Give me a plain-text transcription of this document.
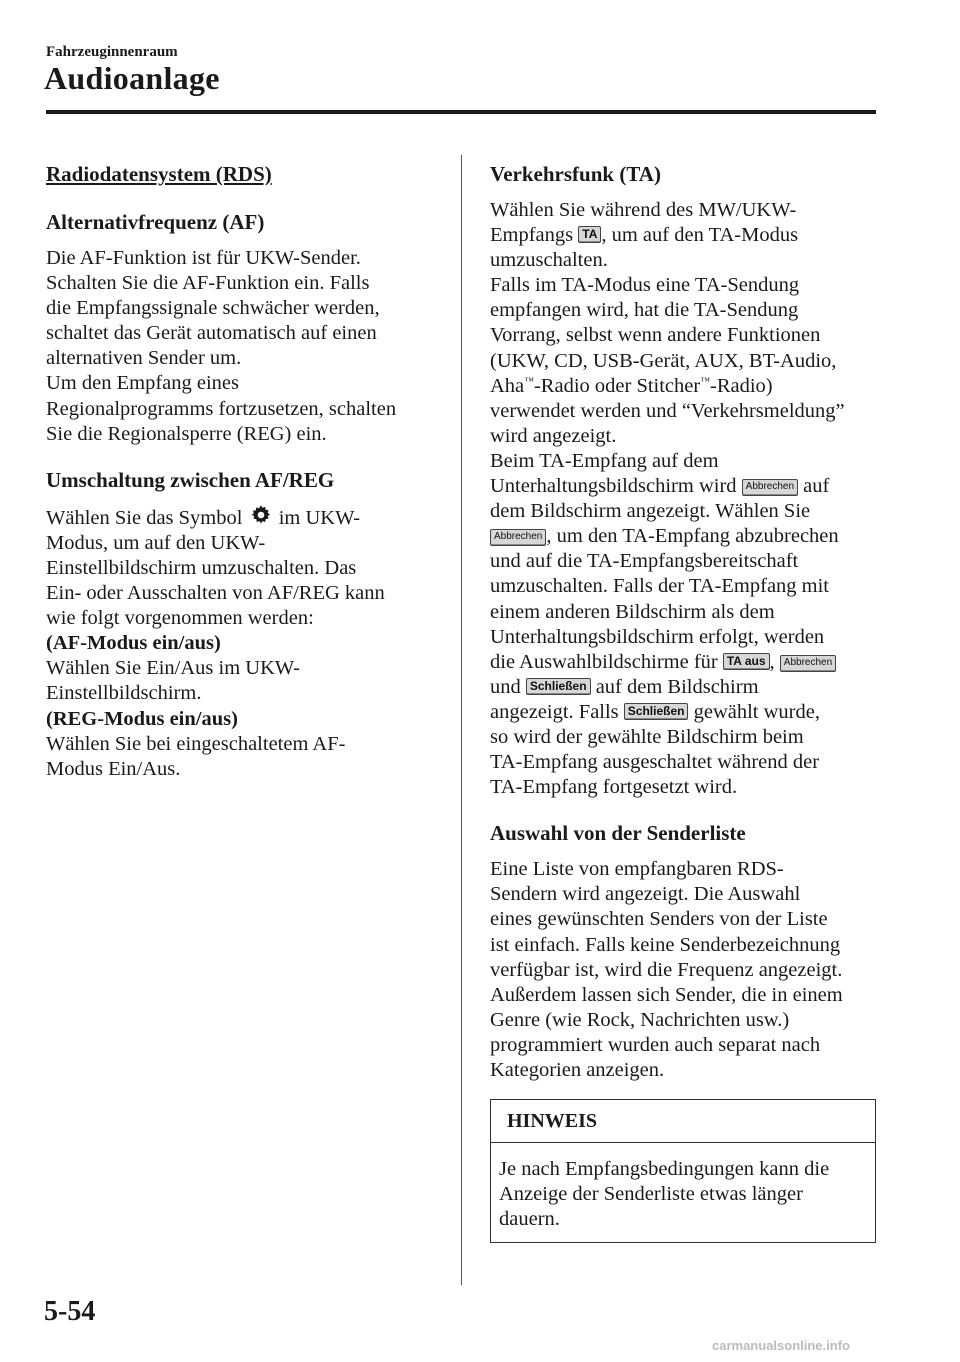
Fahrzeuginnenraum
Audioanlage

Radiodatensystem (RDS)

Alternativfrequenz (AF)

Die AF-Funktion ist für UKW-Sender.

Schalten Sie die AF-Funktion ein. Falls

die Empfangssignale schwächer werden,

schaltet das Gerät automatisch auf einen

alternativen Sender um.

Um den Empfang eines

Regionalprogramms fortzusetzen, schalten

Sie die Regionalsperre (REG) ein.

Umschaltung zwischen AF/REG

Wählen Sie das Symbol im UKW-

Modus, um auf den UKW-

Einstellbildschirm umzuschalten. Das

Ein- oder Ausschalten von AF/REG kann

wie folgt vorgenommen werden:

(AF-Modus ein/aus)

Wählen Sie Ein/Aus im UKW-

Einstellbildschirm.

(REG-Modus ein/aus)

Wählen Sie bei eingeschaltetem AF-

Modus Ein/Aus.

Verkehrsfunk (TA)

Wählen Sie während des MW/UKW-

Empfangs TA , um auf den TA-Modus

umzuschalten.

Falls im TA-Modus eine TA-Sendung

empfangen wird, hat die TA-Sendung

Vorrang, selbst wenn andere Funktionen

(UKW, CD, USB-Gerät, AUX, BT-Audio,

Aha™-Radio oder Stitcher™-Radio)

verwendet werden und “Verkehrsmeldung”

wird angezeigt.

Beim TA-Empfang auf dem

Unterhaltungsbildschirm wird Abbrechen auf

dem Bildschirm angezeigt. Wählen Sie

Abbrechen , um den TA-Empfang abzubrechen

und auf die TA-Empfangsbereitschaft

umzuschalten. Falls der TA-Empfang mit

einem anderen Bildschirm als dem

Unterhaltungsbildschirm erfolgt, werden

die Auswahlbildschirme für TA aus , Abbrechen

und Schließen auf dem Bildschirm

angezeigt. Falls Schließen gewählt wurde,

so wird der gewählte Bildschirm beim

TA-Empfang ausgeschaltet während der

TA-Empfang fortgesetzt wird.

Auswahl von der Senderliste

Eine Liste von empfangbaren RDS-

Sendern wird angezeigt. Die Auswahl

eines gewünschten Senders von der Liste

ist einfach. Falls keine Senderbezeichnung

verfügbar ist, wird die Frequenz angezeigt.

Außerdem lassen sich Sender, die in einem

Genre (wie Rock, Nachrichten usw.)

programmiert wurden auch separat nach

Kategorien anzeigen.

HINWEIS

Je nach Empfangsbedingungen kann die

Anzeige der Senderliste etwas länger

dauern.

5-54
carmanualsonline.info
